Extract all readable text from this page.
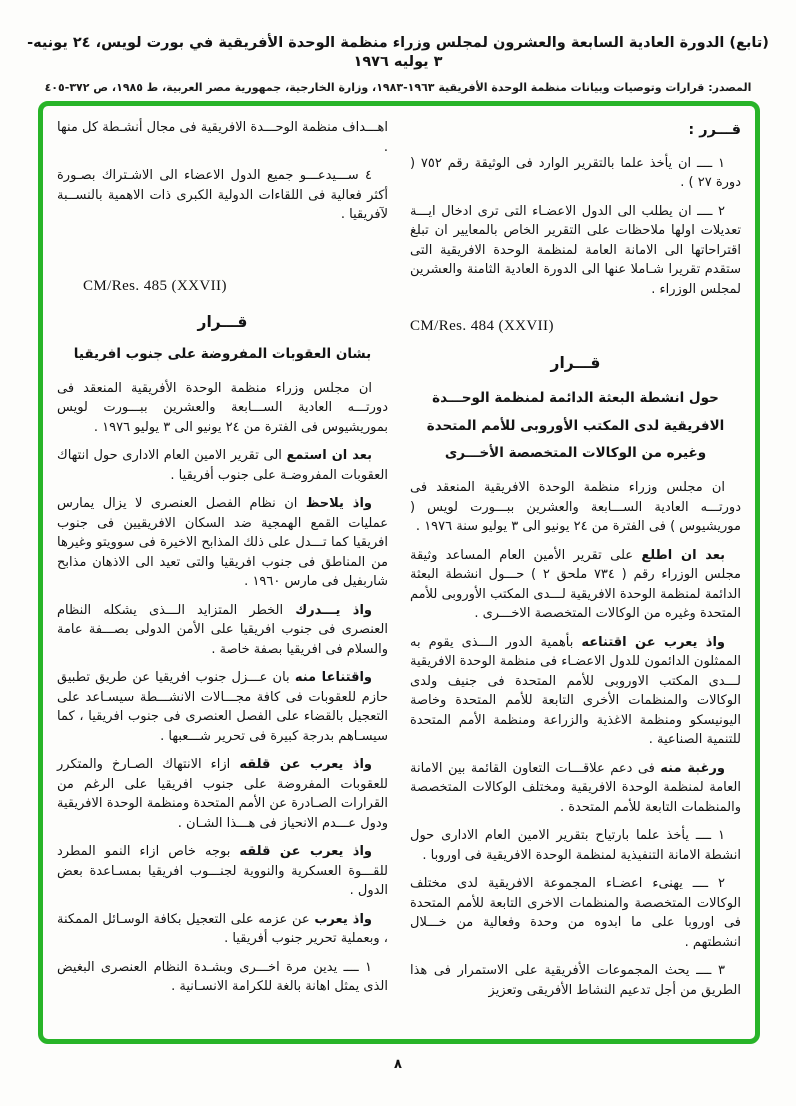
(تابع) الدورة العادية السابعة والعشرون لمجلس وزراء منظمة الوحدة الأفريقية في بورت لويس، ٢٤ يونيه- ٣ يوليه ١٩٧٦
المصدر: قرارات وتوصيات وبيانات منظمة الوحدة الأفريقية ١٩٦٣-١٩٨٣، وزارة الخارجية، جمهورية مصر العربية، ط ١٩٨٥، ص ٣٧٢-٤٠٥

قـــرر :

١ ــــ ان يأخذ علما بالتقرير الوارد فى الوثيقة رقم ٧٥٢ ( دورة ٢٧ ) .

٢ ــــ ان يطلب الى الدول الاعضـاء التى ترى ادخال ايـــة تعديلات اولها ملاحظات على التقرير الخاص بالمعايير ان تبلغ اقتراحاتها الى الامانة العامة لمنظمة الوحدة الافريقية التى ستقدم تقريرا شـاملا عنها الى الدورة العادية الثامنة والعشرين لمجلس الوزراء .

CM/Res. 484 (XXVII)
قـــرار
حول انشطة البعثة الدائمة لمنظمة الوحـــدة
الافريقية لدى المكتب الأوروبى للأمم المتحدة
وغيره من الوكالات المتخصصة الأخـــرى

ان مجلس وزراء منظمة الوحدة الافريقية المنعقد فى دورتـــه العادية الســـابعة والعشرين ببـــورت لويس ( موريشيوس ) فى الفترة من ٢٤ يونيو الى ٣ يوليو سنة ١٩٧٦ .

بعد ان اطلع على تقرير الأمين العام المساعد وثيقة مجلس الوزراء رقم ( ٧٣٤ ملحق ٢ ) حـــول انشطة البعثة الدائمة لمنظمة الوحدة الافريقية لـــدى المكتب الأوروبى للأمم المتحدة وغيره من الوكالات المتخصصة الاخـــرى .

واذ يعرب عن اقتناعه بأهمية الدور الـــذى يقوم به الممثلون الدائمون للدول الاعضـاء فى منظمة الوحدة الافريقية لـــدى المكتب الاوروبى للأمم المتحدة فى جنيف ولدى الوكالات والمنظمات الأخرى التابعة للأمم المتحدة وخاصة اليونيسكو ومنظمة الاغذية والزراعة ومنظمة الأمم المتحدة للتنمية الصناعية .

ورغبة منه فى دعم علاقـــات التعاون القائمة بين الامانة العامة لمنظمة الوحدة الافريقية ومختلف الوكالات المتخصصة والمنظمات التابعة للأمم المتحدة .

١ ــــ يأخذ علما بارتياح بتقرير الامين العام الادارى حول انشطة الامانة التنفيذية لمنظمة الوحدة الافريقية فى اوروبا .

٢ ــــ يهنىء اعضـاء المجموعة الافريقية لدى مختلف الوكالات المتخصصة والمنظمات الاخرى التابعة للأمم المتحدة فى اوروبا على ما ابدوه من وحدة وفعالية من خـــلال انشطتهم .

٣ ــــ يحث المجموعات الأفريقية على الاستمرار فى هذا الطريق من أجل تدعيم النشاط الأفريقى وتعزيز

اهـــداف منظمة الوحـــدة الافريقية فى مجال أنشـطة كل منها .

٤ ســـيدعـــو جميع الدول الاعضاء الى الاشـتراك بصـورة أكثر فعالية فى اللقاءات الدولية الكبرى ذات الاهمية بالنســبة لآفريقيا .

CM/Res. 485 (XXVII)
قـــرار
بشان العقوبات المفروضة على جنوب افريقيا

ان مجلس وزراء منظمة الوحدة الأفريقية المنعقد فى دورتـــه العادية الســـابعة والعشرين ببـــورت لويس بموريشيوس فى الفترة من ٢٤ يونيو الى ٣ يوليو ١٩٧٦ .

بعد ان استمع الى تقرير الامين العام الادارى حول انتهاك العقوبات المفروضـة على جنوب أفريقيا .

واذ يلاحظ ان نظام الفصل العنصرى لا يزال يمارس عمليات القمع الهمجية ضد السكان الافريقيين فى جنوب افريقيا كما تـــدل على ذلك المذابح الاخيرة فى سوويتو وغيرها من المناطق فى جنوب افريقيا والتى تعيد الى الاذهان مذابح شاربفيل فى مارس ١٩٦٠ .

واذ يـــدرك الخطر المتزايد الـــذى يشكله النظام العنصرى فى جنوب افريقيا على الأمن الدولى بصـــفة عامة والسلام فى افريقيا بصفة خاصة .

واقتناعا منه بان عـــزل جنوب افريقيا عن طريق تطبيق حازم للعقوبات فى كافة مجـــالات الانشـــطة سيسـاعد على التعجيل بالقضاء على الفصل العنصرى فى جنوب افريقيا ، كما سيسـاهم بدرجة كبيرة فى تحرير شـــعبها .

واذ يعرب عن قلقه ازاء الانتهاك الصـارخ والمتكرر للعقوبات المفروضة على جنوب افريقيا على الرغم من القرارات الصـادرة عن الأمم المتحدة ومنظمة الوحدة الافريقية ودول عـــدم الانحياز فى هـــذا الشـان .

واذ يعرب عن قلقه بوجه خاص ازاء النمو المطرد للقـــوة العسكرية والنووية لجنـــوب افريقيا بمسـاعدة بعض الدول .

واذ يعرب عن عزمه على التعجيل بكافة الوسـائل الممكنة ، وبعملية تحرير جنوب أفريقيا .

١ ــــ يدين مرة اخـــرى وبشـدة النظام العنصرى البغيض الذى يمثل اهانة بالغة للكرامة الانسـانية .

٨
